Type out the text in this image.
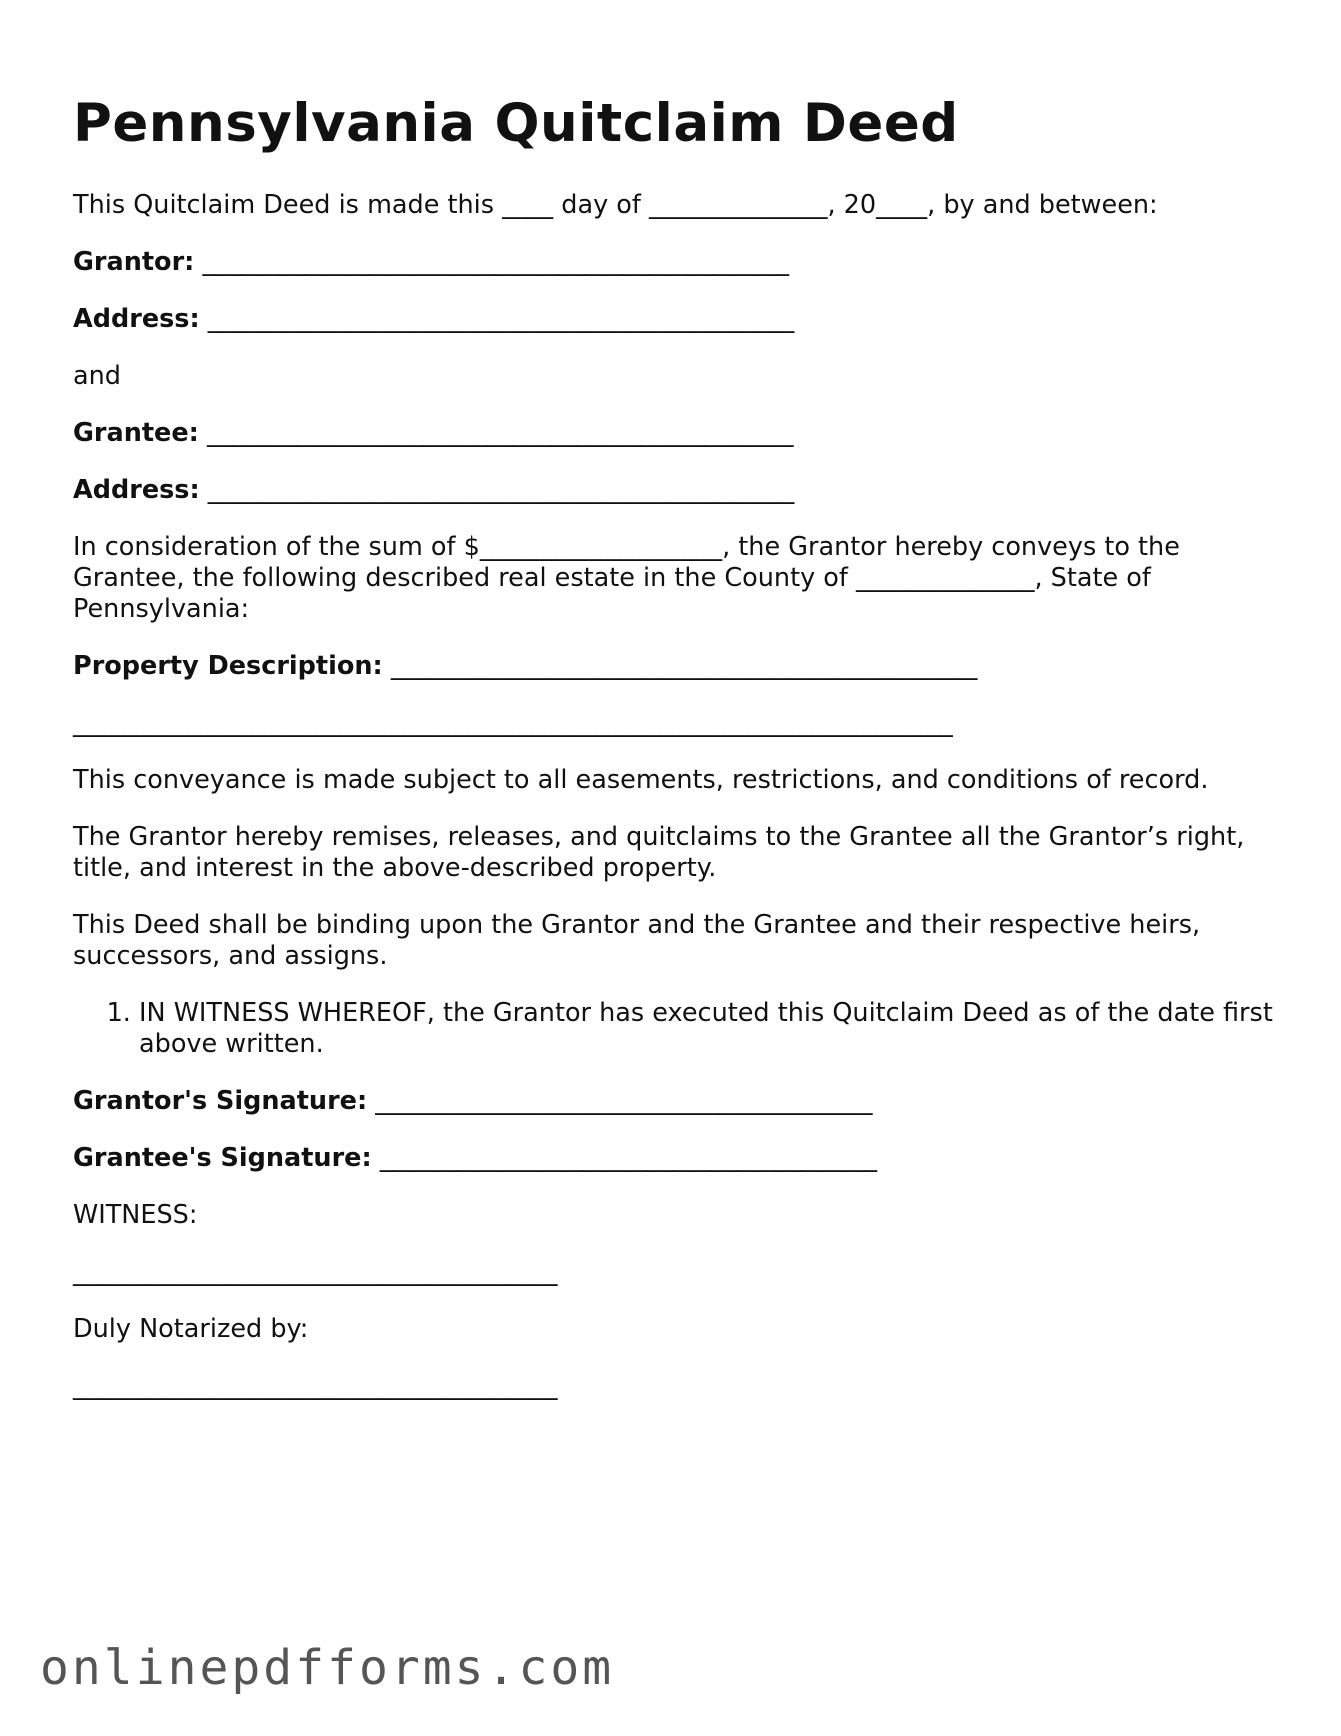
Pennsylvania Quitclaim Deed

This Quitclaim Deed is made this ____ day of ______________, 20____, by and between:

Grantor: ______________________________________________

Address: ______________________________________________

and

Grantee: ______________________________________________

Address: ______________________________________________

In consideration of the sum of $___________________, the Grantor hereby conveys to the Grantee, the following described real estate in the County of ______________, State of Pennsylvania:

Property Description: ______________________________________________

_____________________________________________________________________

This conveyance is made subject to all easements, restrictions, and conditions of record.

The Grantor hereby remises, releases, and quitclaims to the Grantee all the Grantor’s right, title, and interest in the above-described property.

This Deed shall be binding upon the Grantor and the Grantee and their respective heirs, successors, and assigns.

1. IN WITNESS WHEREOF, the Grantor has executed this Quitclaim Deed as of the date first above written.

Grantor's Signature: _______________________________________

Grantee's Signature: _______________________________________

WITNESS:

______________________________________

Duly Notarized by:

______________________________________
onlinepdfforms.com
